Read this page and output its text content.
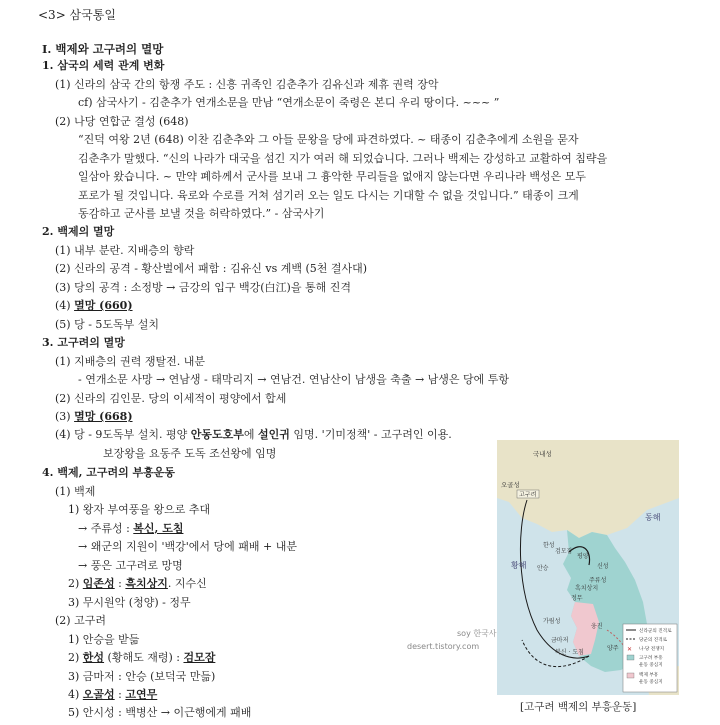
<3> 삼국통일
Ⅰ. 백제와 고구려의 멸망
1. 삼국의 세력 관계 변화
(1) 신라의 삼국 간의 항쟁 주도 : 신흥 귀족인 김춘추가 김유신과 제휴 권력 장악
cf) 삼국사기 - 김춘추가 연개소문을 만남 “연개소문이 죽령은 본디 우리 땅이다. ~~~ ”
(2) 나당 연합군 결성 (648)
“진덕 여왕 2년 (648) 이찬 김춘추와 그 아들 문왕을 당에 파견하였다. ~ 태종이 김춘추에게 소원을 묻자
김춘추가 말했다. “신의 나라가 대국을 섬긴 지가 여러 해 되었습니다. 그러나 백제는 강성하고 교활하여 침략을
일삼아 왔습니다. ~ 만약 폐하께서 군사를 보내 그 흉악한 무리들을 없애지 않는다면 우리나라 백성은 모두
포로가 될 것입니다. 육로와 수로를 거쳐 섬기러 오는 일도 다시는 기대할 수 없을 것입니다.” 태종이 크게
동감하고 군사를 보낼 것을 허락하였다.” - 삼국사기
2. 백제의 멸망
(1) 내부 분란. 지배층의 향락
(2) 신라의 공격 - 황산벌에서 패함 : 김유신 vs 계백 (5천 결사대)
(3) 당의 공격 : 소정방 → 금강의 입구 백강(白江)을 통해 진격
(4) 멸망 (660)
(5) 당 - 5도독부 설치
3. 고구려의 멸망
(1) 지배층의 권력 쟁탈전. 내분
- 연개소문 사망 → 연남생 - 태막리지 → 연남건. 연남산이 남생을 축출 → 남생은 당에 투항
(2) 신라의 김인문. 당의 이세적이 평양에서 합세
(3) 멸망 (668)
(4) 당 - 9도독부 설치. 평양 안동도호부에 설인귀 임명. '기미정책' - 고구려인 이용.
보장왕을 요동주 도독 조선왕에 임명
4. 백제, 고구려의 부흥운동
(1) 백제
1) 왕자 부여풍을 왕으로 추대
→ 주류성 : 복신, 도침
→ 왜군의 지원이 '백강'에서 당에 패배 + 내분
→ 풍은 고구려로 망명
2) 임존성 : 흑치상지. 지수신
3) 무시원악 (청양) - 정무
(2) 고구려
1) 안승을 받듦
2) 한성 (황해도 재령) : 검모잠
3) 금마저 : 안승 (보덕국 만듦)
4) 오골성 : 고연무
5) 안시성 : 백병산 → 이근행에게 패배
국내성
오골성
고구려
동해
황해
한성
검모잠
안승
평양
신성
주류성
흑치상지
정무
웅진
가림성
금마저
복신 · 도침
양주
soy 한국사
desert.tistory.com	✕
신라군의 진격로
당군의 진격로
나·당 전쟁지
고구려 부흥
운동 중심지
백제 부흥
운동 중심지
[고구려 백제의 부흥운동]
